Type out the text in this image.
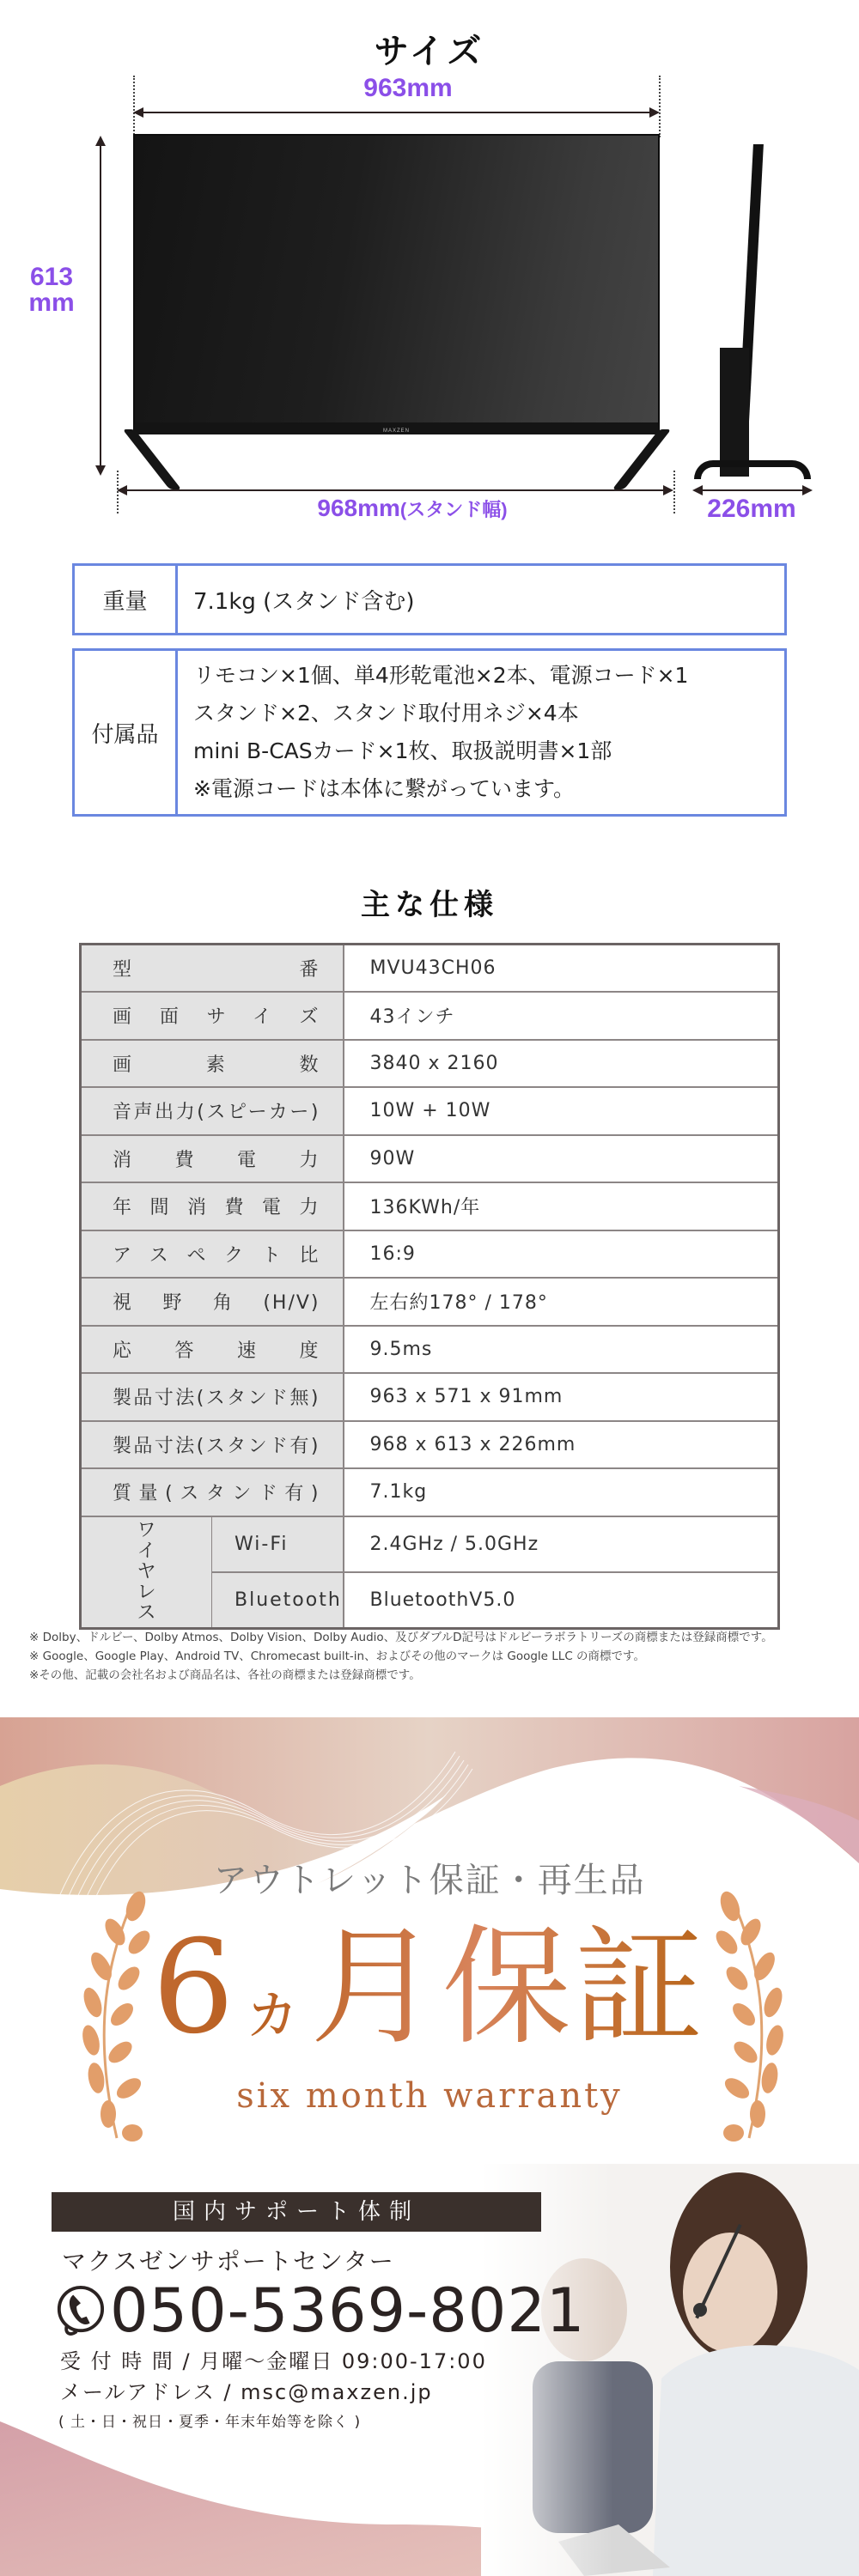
サイズ
963mm
613
mm
MAXZEN
968mm(スタンド幅)	226mm
重量	7.1kg (スタンド含む)
付属品
リモコン×1個、単4形乾電池×2本、電源コード×1
スタンド×2、スタンド取付用ネジ×4本
mini B-CASカード×1枚、取扱説明書×1部
※電源コードは本体に繋がっています。
主な仕様
型番		MVU43CH06
画面サイズ		43インチ
画素数		3840 x 2160
音声出力(スピーカー)		10W + 10W
消費電力		90W
年間消費電力		136KWh/年
アスペクト比		16:9
視野角(H/V)		左右約178° / 178°
応答速度		9.5ms
製品寸法(スタンド無)		963 x 571 x 91mm
製品寸法(スタンド有)		968 x 613 x 226mm
質量(スタンド有)		7.1kg
ワイヤレス	Wi-Fi	2.4GHz / 5.0GHz
	Bluetooth	BluetoothV5.0
※ Dolby、ドルビー、Dolby Atmos、Dolby Vision、Dolby Audio、及びダブルD記号はドルビーラボラトリーズの商標または登録商標です。
※ Google、Google Play、Android TV、Chromecast built-in、およびその他のマークは Google LLC の商標です。
※その他、記載の会社名および商品名は、各社の商標または登録商標です。
アウトレット保証・再生品
6ヵ月保証
six month warranty
国内サポート体制
マクスゼンサポートセンター
050-5369-8021
受 付 時 間 / 月曜～金曜日 09:00-17:00
メールアドレス / msc@maxzen.jp
( 土・日・祝日・夏季・年末年始等を除く )
